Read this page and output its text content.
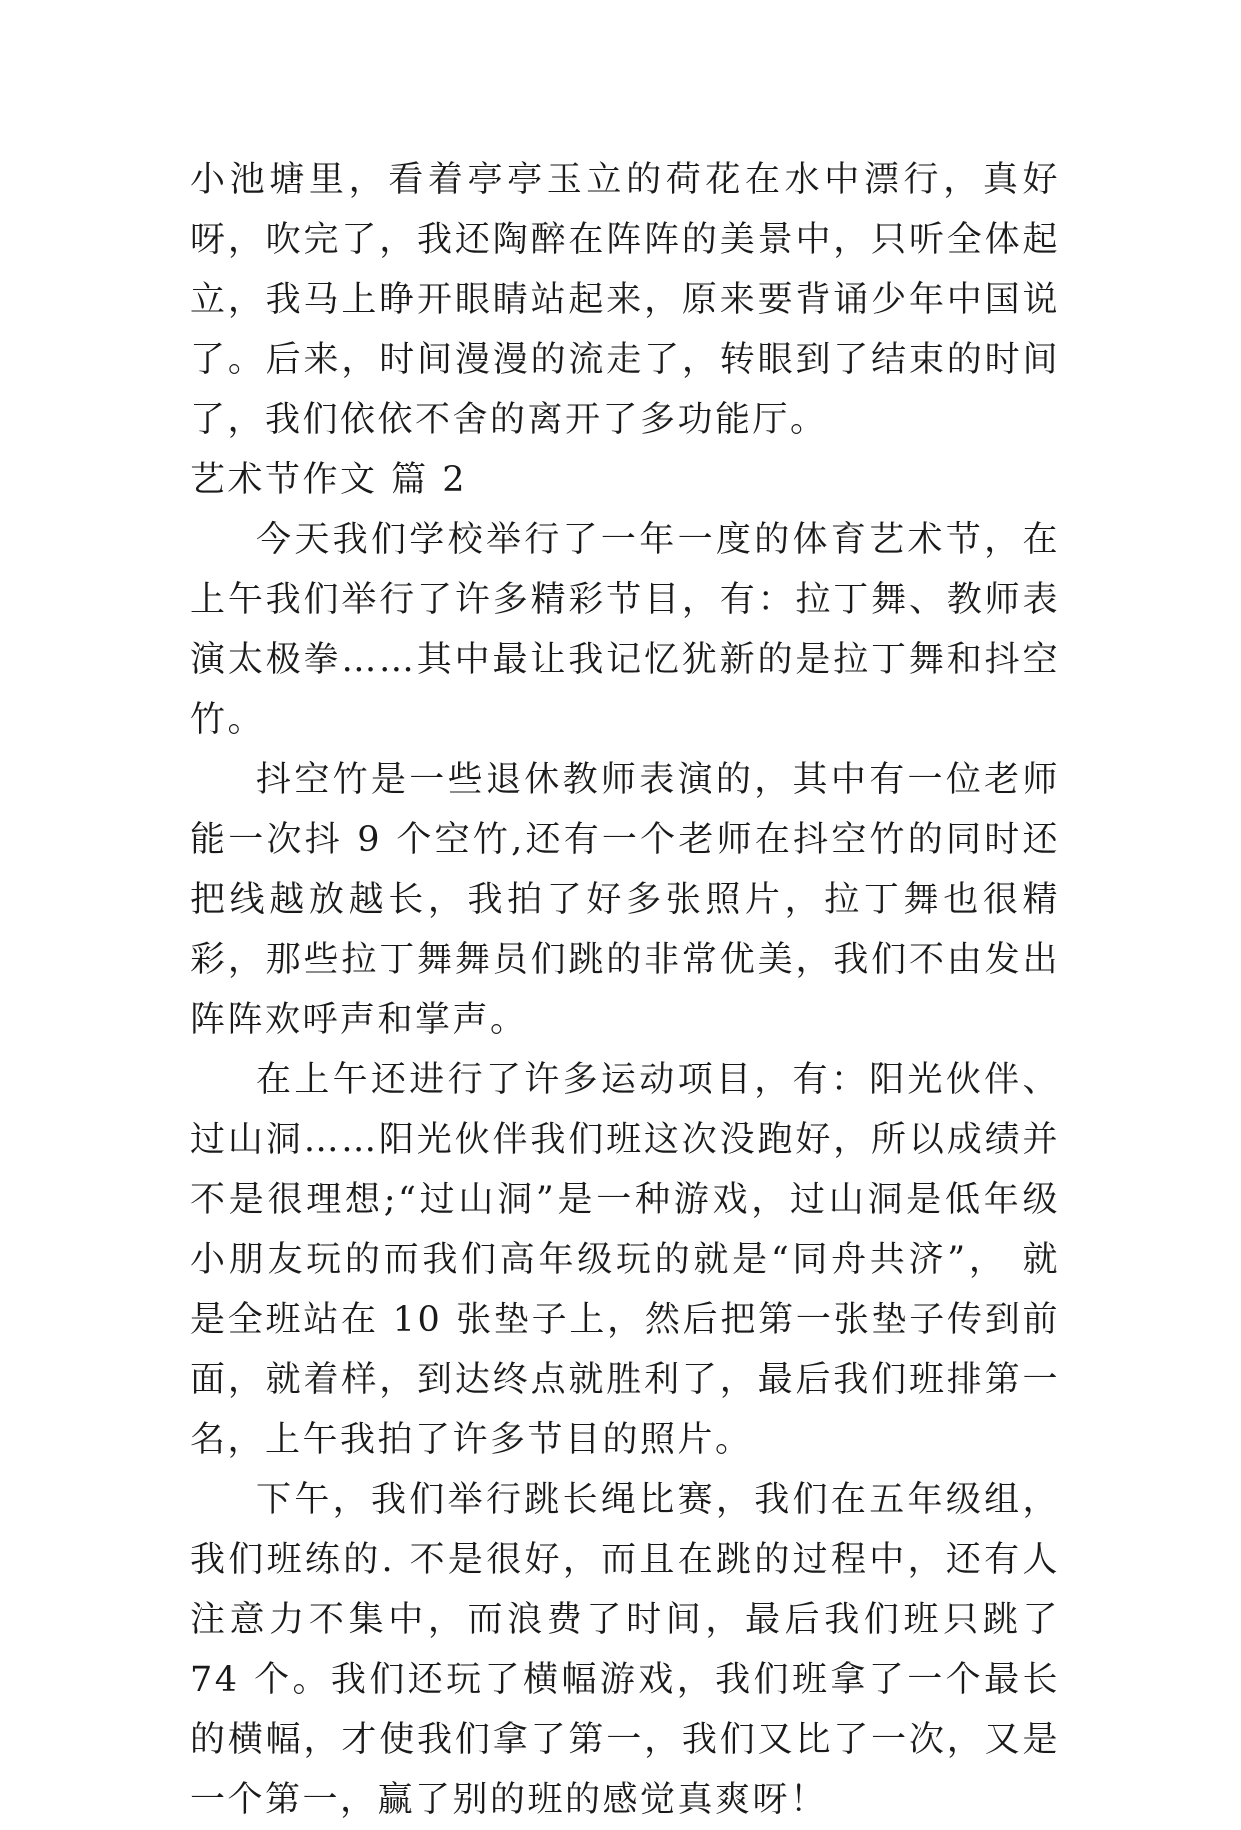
小池塘里，看着亭亭玉立的荷花在水中漂行，真好呀，吹完了，我还陶醉在阵阵的美景中，只听全体起立，我马上睁开眼睛站起来，原来要背诵少年中国说了。后来，时间漫漫的流走了，转眼到了结束的时间了，我们依依不舍的离开了多功能厅。

艺术节作文 篇 2

今天我们学校举行了一年一度的体育艺术节，在上午我们举行了许多精彩节目，有：拉丁舞、教师表演太极拳……其中最让我记忆犹新的是拉丁舞和抖空竹。

抖空竹是一些退休教师表演的，其中有一位老师能一次抖 9 个空竹,还有一个老师在抖空竹的同时还把线越放越长，我拍了好多张照片，拉丁舞也很精彩，那些拉丁舞舞员们跳的非常优美，我们不由发出阵阵欢呼声和掌声。

在上午还进行了许多运动项目，有：阳光伙伴、过山洞……阳光伙伴我们班这次没跑好，所以成绩并不是很理想;“过山洞”是一种游戏，过山洞是低年级小朋友玩的而我们高年级玩的就是“同舟共济”， 就是全班站在 10 张垫子上，然后把第一张垫子传到前面，就着样，到达终点就胜利了，最后我们班排第一名，上午我拍了许多节目的照片。

下午，我们举行跳长绳比赛，我们在五年级组，我们班练的. 不是很好，而且在跳的过程中，还有人注意力不集中，而浪费了时间，最后我们班只跳了 74 个。我们还玩了横幅游戏，我们班拿了一个最长的横幅，才使我们拿了第一，我们又比了一次，又是一个第一，赢了别的班的感觉真爽呀！
